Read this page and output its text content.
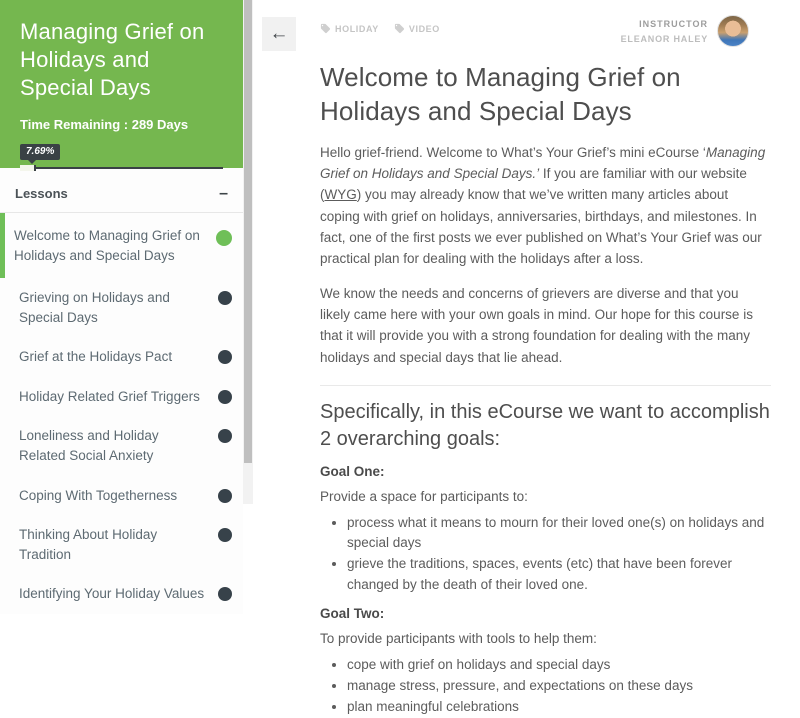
Managing Grief on Holidays and Special Days
Time Remaining : 289 Days
7.69%
Lessons	–
Welcome to Managing Grief on Holidays and Special Days
Grieving on Holidays and Special Days
Grief at the Holidays Pact
Holiday Related Grief Triggers
Loneliness and Holiday Related Social Anxiety
Coping With Togetherness
Thinking About Holiday Tradition
Identifying Your Holiday Values
←	HOLIDAY	VIDEO	INSTRUCTOR
ELEANOR HALEY
Welcome to Managing Grief on Holidays and Special Days

Hello grief-friend. Welcome to What’s Your Grief’s mini eCourse ‘Managing Grief on Holidays and Special Days.’ If you are familiar with our website (WYG) you may already know that we’ve written many articles about coping with grief on holidays, anniversaries, birthdays, and milestones. In fact, one of the first posts we ever published on What’s Your Grief was our practical plan for dealing with the holidays after a loss.

We know the needs and concerns of grievers are diverse and that you likely came here with your own goals in mind. Our hope for this course is that it will provide you with a strong foundation for dealing with the many holidays and special days that lie ahead.

Specifically, in this eCourse we want to accomplish 2 overarching goals:

Goal One:

Provide a space for participants to:

• process what it means to mourn for their loved one(s) on holidays and special days
• grieve the traditions, spaces, events (etc) that have been forever changed by the death of their loved one.

Goal Two:

To provide participants with tools to help them:

• cope with grief on holidays and special days
• manage stress, pressure, and expectations on these days
• plan meaningful celebrations
